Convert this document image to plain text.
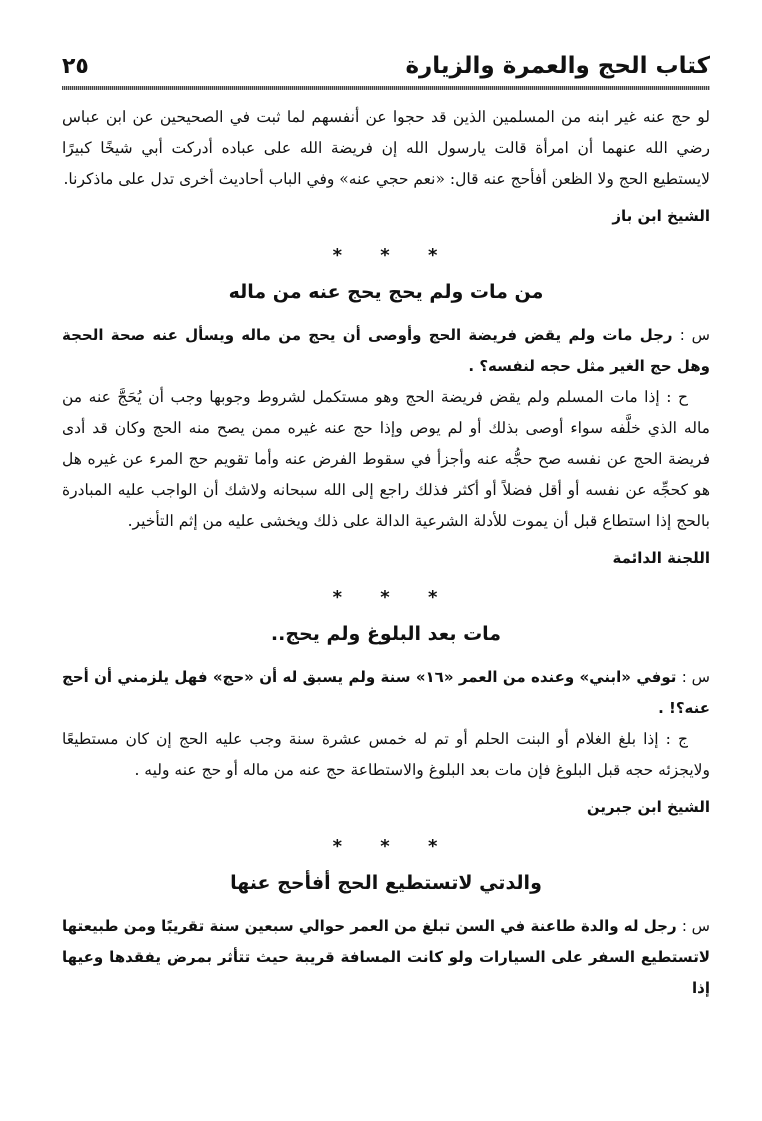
كتاب الحج والعمرة والزيارة
٢٥

لو حج عنه غير ابنه من المسلمين الذين قد حجوا عن أنفسهم لما ثبت في الصحيحين عن ابن عباس رضي الله عنهما أن امرأة قالت يارسول الله إن فريضة الله على عباده أدركت أبي شيخًا كبيرًا لايستطيع الحج ولا الظعن أفأحج عنه قال: «نعم حجي عنه» وفي الباب أحاديث أخرى تدل على ماذكرنا.

الشيخ ابن باز

* * *
من مات ولم يحج يحج عنه من ماله

س : رجل مات ولم يقض فريضة الحج وأوصى أن يحج من ماله ويسأل عنه صحة الحجة وهل حج الغير مثل حجه لنفسه؟ .

ح : إذا مات المسلم ولم يقض فريضة الحج وهو مستكمل لشروط وجوبها وجب أن يُحَجَّ عنه من ماله الذي خلَّفه سواء أوصى بذلك أو لم يوص وإذا حج عنه غيره ممن يصح منه الحج وكان قد أدى فريضة الحج عن نفسه صح حجُّه عنه وأجزأ في سقوط الفرض عنه وأما تقويم حج المرء عن غيره هل هو كحجِّه عن نفسه أو أقل فضلاً أو أكثر فذلك راجع إلى الله سبحانه ولاشك أن الواجب عليه المبادرة بالحج إذا استطاع قبل أن يموت للأدلة الشرعية الدالة على ذلك ويخشى عليه من إثم التأخير.

اللجنة الدائمة

* * *
مات بعد البلوغ ولم يحج..

س : توفي «ابني» وعنده من العمر «١٦» سنة ولم يسبق له أن «حج» فهل يلزمني أن أحج عنه؟! .

ج : إذا بلغ الغلام أو البنت الحلم أو تم له خمس عشرة سنة وجب عليه الحج إن كان مستطيعًا ولايجزئه حجه قبل البلوغ فإن مات بعد البلوغ والاستطاعة حج عنه من ماله أو حج عنه وليه .

الشيخ ابن جبرين

* * *
والدتي لاتستطيع الحج أفأحج عنها

س : رجل له والدة طاعنة في السن تبلغ من العمر حوالي سبعين سنة تقريبًا ومن طبيعتها لاتستطيع السفر على السيارات ولو كانت المسافة قريبة حيث تتأثر بمرض يفقدها وعيها إذا
